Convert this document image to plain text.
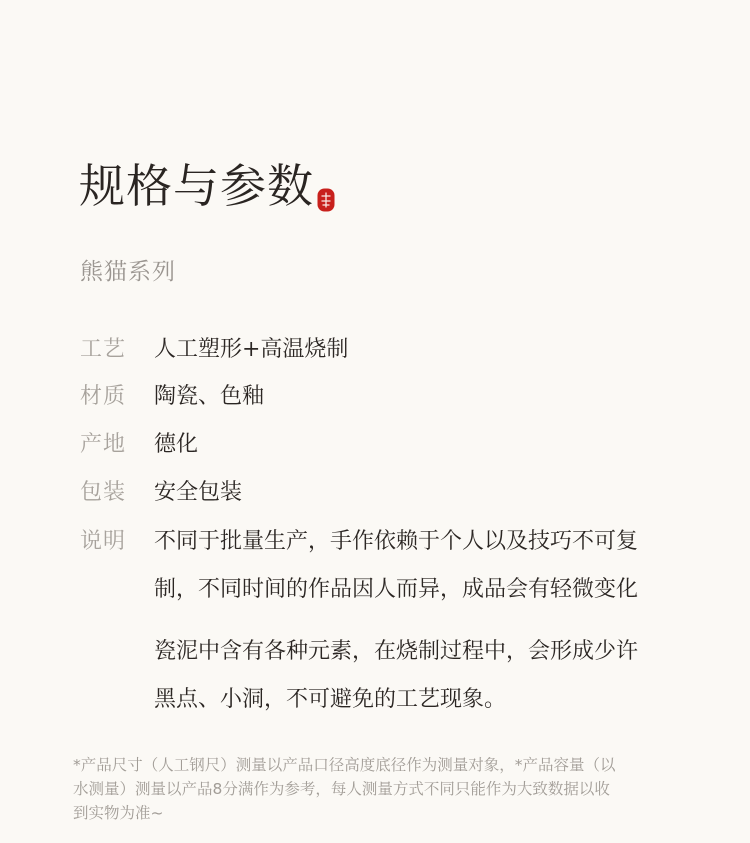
规格与参数
熊猫系列
工艺	人工塑形+高温烧制
材质	陶瓷、色釉
产地	德化
包装	安全包装
说明	不同于批量生产，手作依赖于个人以及技巧不可复
制，不同时间的作品因人而异，成品会有轻微变化
瓷泥中含有各种元素，在烧制过程中，会形成少许
黑点、小洞，不可避免的工艺现象。
*产品尺寸（人工钢尺）测量以产品口径高度底径作为测量对象，*产品容量（以
水测量）测量以产品8分满作为参考，每人测量方式不同只能作为大致数据以收
到实物为准~
